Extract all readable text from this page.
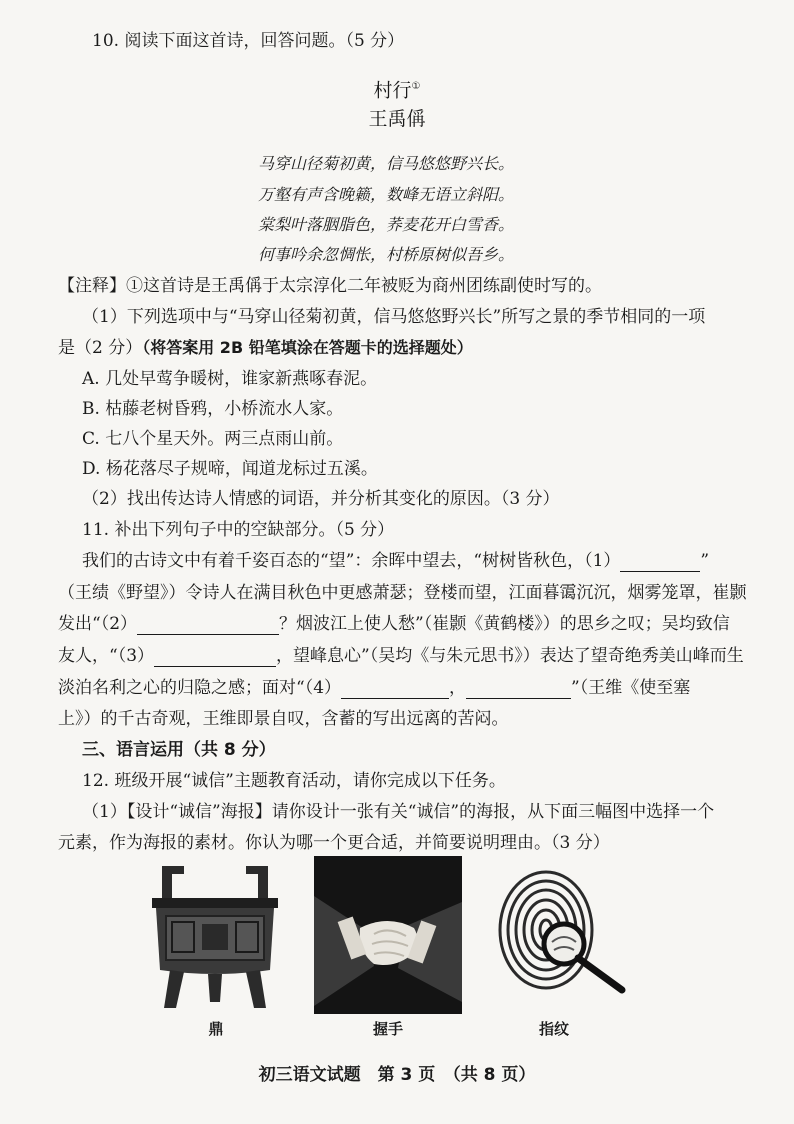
10. 阅读下面这首诗，回答问题。（5 分）
村行①
王禹偁
马穿山径菊初黄，信马悠悠野兴长。
万壑有声含晚籁，数峰无语立斜阳。
棠梨叶落胭脂色，荞麦花开白雪香。
何事吟余忽惆怅，村桥原树似吾乡。
【注释】①这首诗是王禹偁于太宗淳化二年被贬为商州团练副使时写的。
（1）下列选项中与“马穿山径菊初黄，信马悠悠野兴长”所写之景的季节相同的一项
是（2 分）（将答案用 2B 铅笔填涂在答题卡的选择题处）
A. 几处早莺争暖树，谁家新燕啄春泥。
B. 枯藤老树昏鸦，小桥流水人家。
C. 七八个星天外。两三点雨山前。
D. 杨花落尽子规啼，闻道龙标过五溪。
（2）找出传达诗人情感的词语，并分析其变化的原因。（3 分）
11. 补出下列句子中的空缺部分。（5 分）
我们的古诗文中有着千姿百态的“望”：余晖中望去，“树树皆秋色，（1）	”
（王绩《野望》）令诗人在满目秋色中更感萧瑟；登楼而望，江面暮霭沉沉，烟雾笼罩，崔颢
发出“（2）	？烟波江上使人愁”（崔颢《黄鹤楼》）的思乡之叹；吴均致信
友人，“（3）	，望峰息心”（吴均《与朱元思书》）表达了望奇绝秀美山峰而生
淡泊名利之心的归隐之感；面对“（4）	，	”（王维《使至塞
上》）的千古奇观，王维即景自叹，含蓄的写出远离的苦闷。
三、语言运用（共 8 分）
12. 班级开展“诚信”主题教育活动，请你完成以下任务。
（1）【设计“诚信”海报】请你设计一张有关“诚信”的海报，从下面三幅图中选择一个
元素，作为海报的素材。你认为哪一个更合适，并简要说明理由。（3 分）
鼎	握手	指纹
初三语文试题　第 3 页　（共 8 页）
